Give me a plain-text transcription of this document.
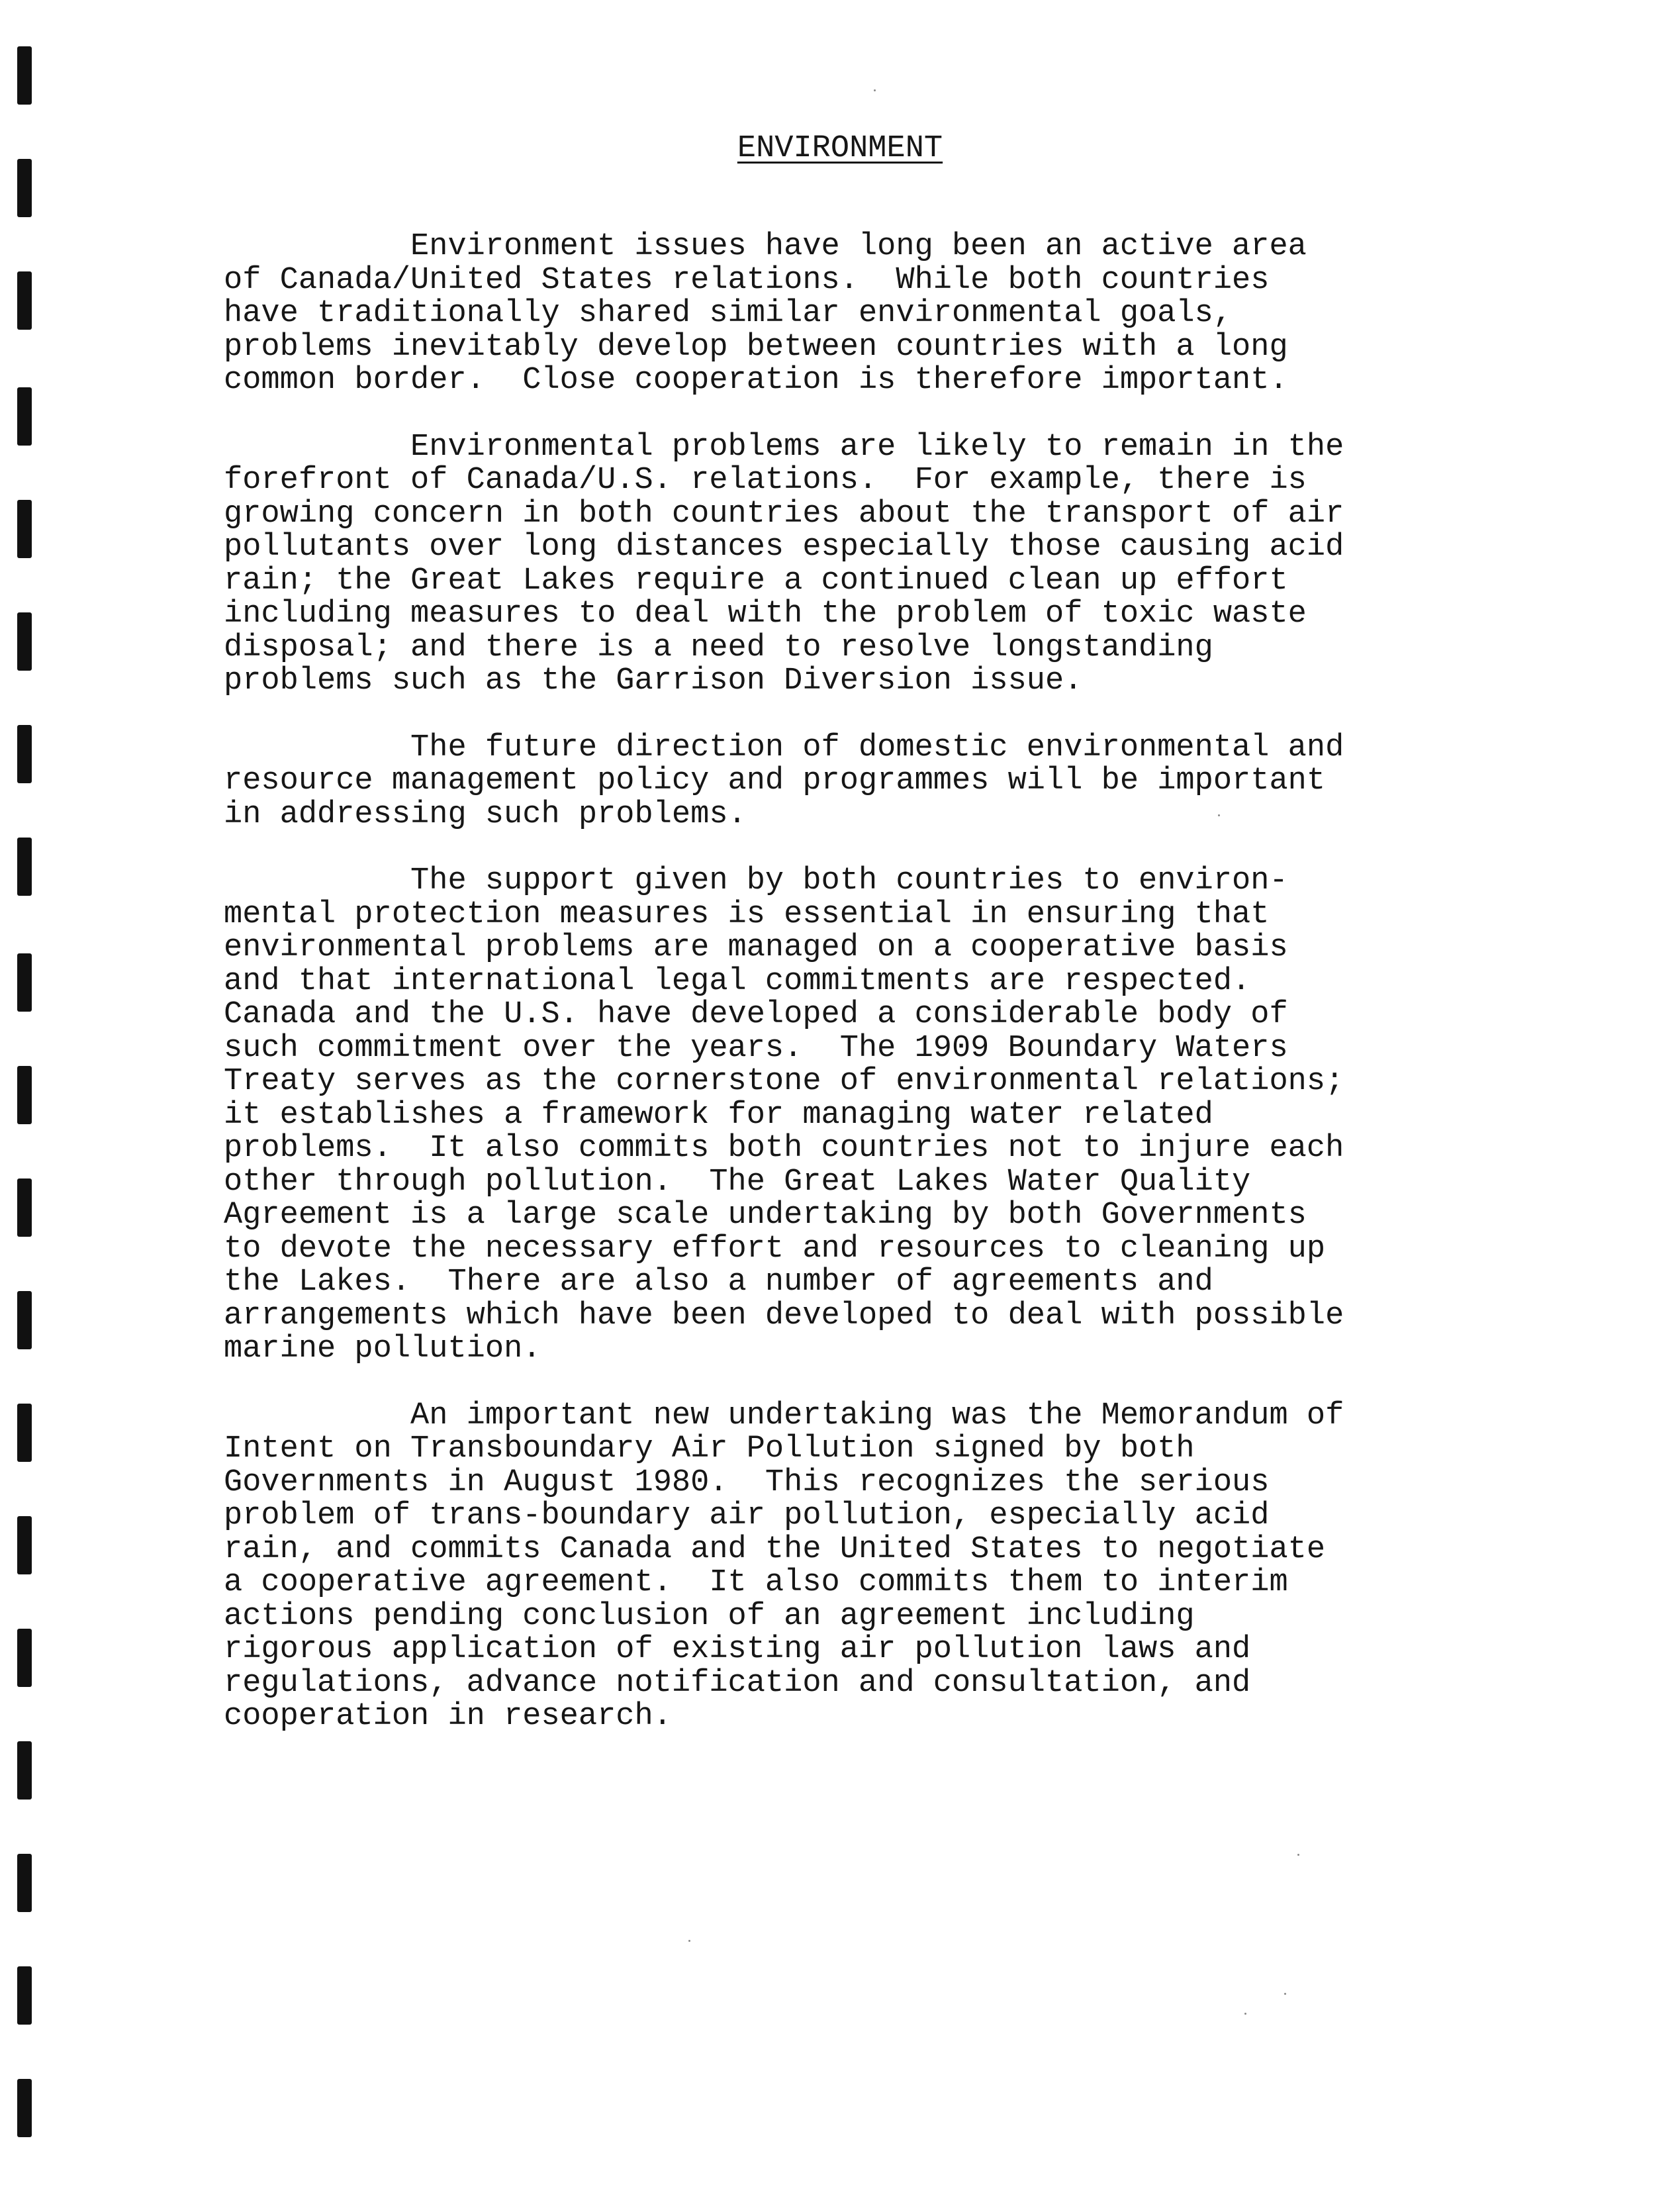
ENVIRONMENT
Environment issues have long been an active area
of Canada/United States relations.  While both countries
have traditionally shared similar environmental goals,
problems inevitably develop between countries with a long
common border.  Close cooperation is therefore important.
Environmental problems are likely to remain in the
forefront of Canada/U.S. relations.  For example, there is
growing concern in both countries about the transport of air
pollutants over long distances especially those causing acid
rain; the Great Lakes require a continued clean up effort
including measures to deal with the problem of toxic waste
disposal; and there is a need to resolve longstanding
problems such as the Garrison Diversion issue.
The future direction of domestic environmental and
resource management policy and programmes will be important
in addressing such problems.
The support given by both countries to environ-
mental protection measures is essential in ensuring that
environmental problems are managed on a cooperative basis
and that international legal commitments are respected.
Canada and the U.S. have developed a considerable body of
such commitment over the years.  The 1909 Boundary Waters
Treaty serves as the cornerstone of environmental relations;
it establishes a framework for managing water related
problems.  It also commits both countries not to injure each
other through pollution.  The Great Lakes Water Quality
Agreement is a large scale undertaking by both Governments
to devote the necessary effort and resources to cleaning up
the Lakes.  There are also a number of agreements and
arrangements which have been developed to deal with possible
marine pollution.
An important new undertaking was the Memorandum of
Intent on Transboundary Air Pollution signed by both
Governments in August 1980.  This recognizes the serious
problem of trans-boundary air pollution, especially acid
rain, and commits Canada and the United States to negotiate
a cooperative agreement.  It also commits them to interim
actions pending conclusion of an agreement including
rigorous application of existing air pollution laws and
regulations, advance notification and consultation, and
cooperation in research.
